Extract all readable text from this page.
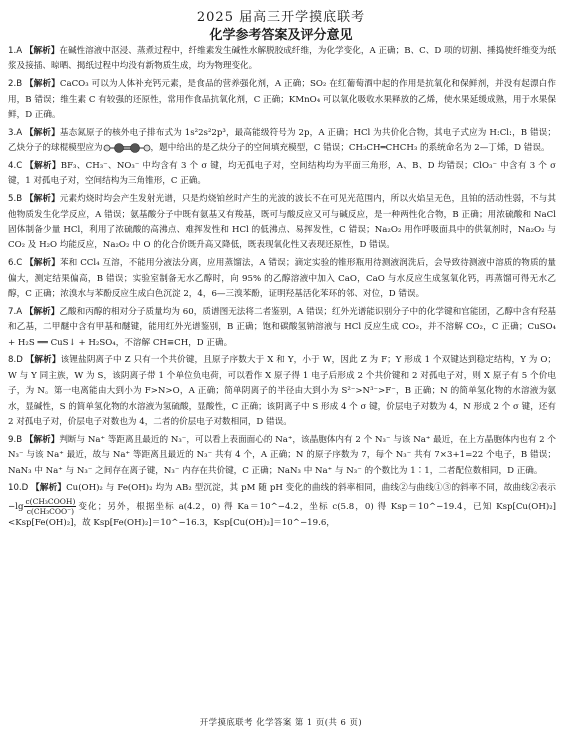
2025 届高三开学摸底联考
化学参考答案及评分意见

1.A 【解析】在碱性溶液中沤浸、蒸煮过程中，纤维素发生碱性水解脱胶成纤维，为化学变化，A 正确；B、C、D 项的切割、捶捣使纤维变为纸浆及接插、晾晒、揭纸过程中均没有新物质生成，均为物理变化。

2.B 【解析】CaCO₃ 可以为人体补充钙元素，是食品的营养强化剂，A 正确；SO₂ 在红葡萄酒中起的作用是抗氧化和保鲜剂，并没有起漂白作用，B 错误；维生素 C 有较强的还原性，常用作食品抗氧化剂，C 正确；KMnO₄ 可以氧化吸收水果释放的乙烯，使水果延缓成熟，用于水果保鲜，D 正确。

3.A 【解析】基态氮原子的核外电子排布式为 1s²2s²2p³，最高能级符号为 2p，A 正确；HCl 为共价化合物，其电子式应为 H:Cl:，B 错误；乙炔分子的球棍模型应为	，题中给出的是乙炔分子的空间填充模型，C 错误；CH₃CH═CHCH₃ 的系统命名为 2—丁烯，D 错误。

4.C 【解析】BF₃、CH₃⁻、NO₃⁻ 中均含有 3 个 σ 键，均无孤电子对，空间结构均为平面三角形，A、B、D 均错误；ClO₃⁻ 中含有 3 个 σ 键，1 对孤电子对，空间结构为三角锥形，C 正确。

5.B 【解析】元素灼烧时均会产生发射光谱，只是灼烧铂丝时产生的光波的波长不在可见光范围内，所以火焰呈无色，且铂的活动性弱，不与其他物质发生化学反应，A 错误；氨基酸分子中既有氨基又有羧基，既可与酸反应又可与碱反应，是一种两性化合物，B 正确；用浓硫酸和 NaCl 固体制备少量 HCl，利用了浓硫酸的高沸点、难挥发性和 HCl 的低沸点、易挥发性，C 错误；Na₂O₂ 用作呼吸面具中的供氧剂时，Na₂O₂ 与 CO₂ 及 H₂O 均能反应，Na₂O₂ 中 O 的化合价既升高又降低，既表现氧化性又表现还原性，D 错误。

6.C 【解析】苯和 CCl₄ 互溶，不能用分液法分离，应用蒸馏法，A 错误；滴定实验的锥形瓶用待测液润洗后，会导致待测液中溶质的物质的量偏大，测定结果偏高，B 错误；实验室制备无水乙醇时，向 95% 的乙醇溶液中加入 CaO，CaO 与水反应生成氢氧化钙，再蒸馏可得无水乙醇，C 正确；浓溴水与苯酚反应生成白色沉淀 2，4，6—三溴苯酚，证明羟基活化苯环的邻、对位，D 错误。

7.A 【解析】乙酸和丙醇的相对分子质量均为 60，质谱图无法将二者鉴别，A 错误；红外光谱能识别分子中的化学键和官能团，乙醇中含有羟基和乙基，二甲醚中含有甲基和醚键，能用红外光谱鉴别，B 正确；饱和碳酸氢钠溶液与 HCl 反应生成 CO₂，并不溶解 CO₂，C 正确；CuSO₄ + H₂S ══ CuS↓ + H₂SO₄，不溶解 CH≡CH，D 正确。

8.D 【解析】该锂盐阴离子中 Z 只有一个共价键，且原子序数大于 X 和 Y，小于 W，因此 Z 为 F；Y 形成 1 个双键达到稳定结构，Y 为 O；W 与 Y 同主族，W 为 S，该阴离子带 1 个单位负电荷，可以看作 X 原子得 1 电子后形成 2 个共价键和 2 对孤电子对，则 X 原子有 5 个价电子，为 N。第一电离能由大到小为 F>N>O，A 正确；简单阴离子的半径由大到小为 S²⁻>N³⁻>F⁻，B 正确；N 的简单氢化物的水溶液为氨水，显碱性，S 的简单氢化物的水溶液为氢硫酸，显酸性，C 正确；该阴离子中 S 形成 4 个 σ 键，价层电子对数为 4，N 形成 2 个 σ 键，还有 2 对孤电子对，价层电子对数也为 4，二者的价层电子对数相同，D 错误。

9.B 【解析】判断与 Na⁺ 等距离且最近的 N₃⁻，可以看上表面面心的 Na⁺，该晶胞体内有 2 个 N₃⁻ 与该 Na⁺ 最近，在上方晶胞体内也有 2 个 N₃⁻ 与该 Na⁺ 最近，故与 Na⁺ 等距离且最近的 N₃⁻ 共有 4 个，A 正确；N 的原子序数为 7，每个 N₃⁻ 共有 7×3+1=22 个电子，B 错误；NaN₃ 中 Na⁺ 与 N₃⁻ 之间存在离子键，N₃⁻ 内存在共价键，C 正确；NaN₃ 中 Na⁺ 与 N₃⁻ 的个数比为 1∶1，二者配位数相同，D 正确。

10.D 【解析】Cu(OH)₂ 与 Fe(OH)₂ 均为 AB₂ 型沉淀，其 pM 随 pH 变化的曲线的斜率相同，曲线②与曲线①③的斜率不同，故曲线②表示 $-\lg \frac{\text{c(CH₃COOH)}}{\text{c(CH₃COO⁻)}}$ 变化；另外，根据坐标 a(4.2，0) 得 Ka＝10^−4.2，坐标 c(5.8，0) 得 Ksp＝10^−19.4，已知 Ksp[Cu(OH)₂]<Ksp[Fe(OH)₂]，故 Ksp[Fe(OH)₂]＝10^−16.3，Ksp[Cu(OH)₂]＝10^−19.6，

开学摸底联考 化学答案 第 1 页(共 6 页)
